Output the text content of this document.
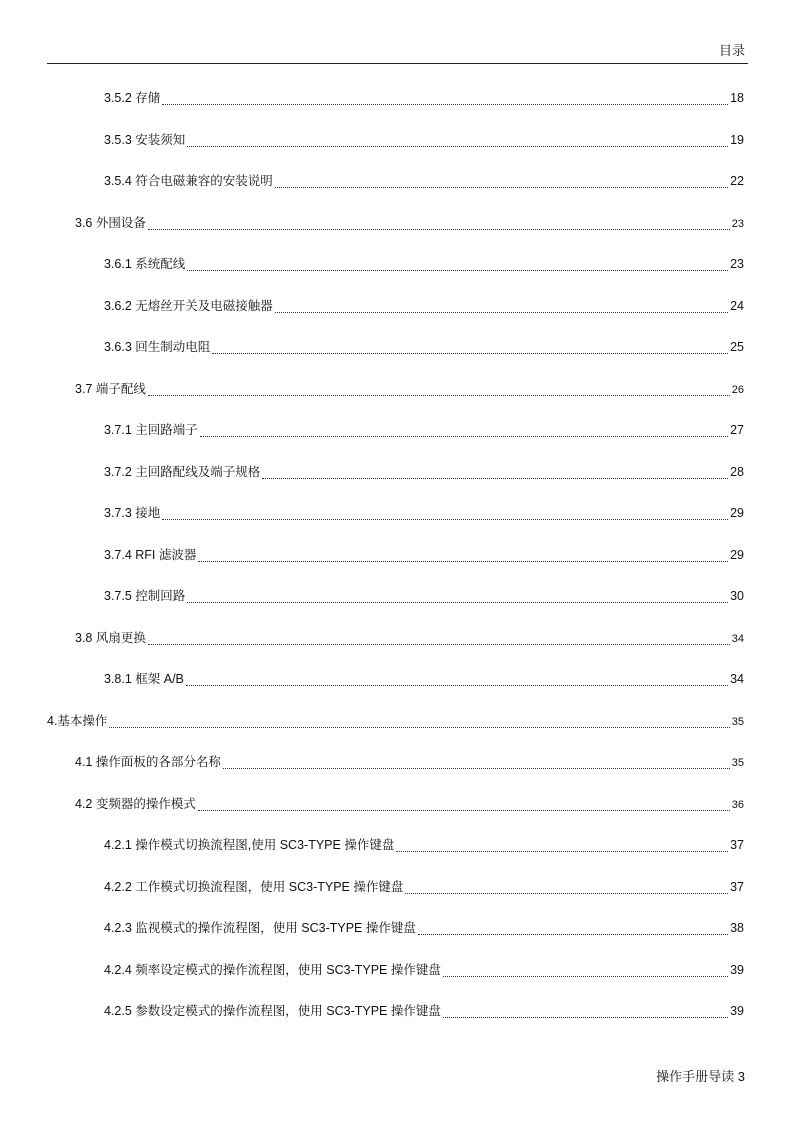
目录
3.5.2 存储	18
3.5.3 安装须知	19
3.5.4 符合电磁兼容的安装说明	22
3.6 外围设备	23
3.6.1 系统配线	23
3.6.2 无熔丝开关及电磁接触器	24
3.6.3 回生制动电阻	25
3.7 端子配线	26
3.7.1 主回路端子	27
3.7.2 主回路配线及端子规格	28
3.7.3 接地	29
3.7.4 RFI 滤波器	29
3.7.5 控制回路	30
3.8 风扇更换	34
3.8.1 框架 A/B	34
4.基本操作	35
4.1 操作面板的各部分名称	35
4.2 变频器的操作模式	36
4.2.1 操作模式切换流程图,使用 SC3-TYPE 操作键盘	37
4.2.2 工作模式切换流程图，使用 SC3-TYPE 操作键盘	37
4.2.3 监视模式的操作流程图，使用 SC3-TYPE 操作键盘	38
4.2.4 频率设定模式的操作流程图，使用 SC3-TYPE 操作键盘	39
4.2.5 参数设定模式的操作流程图，使用 SC3-TYPE 操作键盘	39
操作手册导读 3
